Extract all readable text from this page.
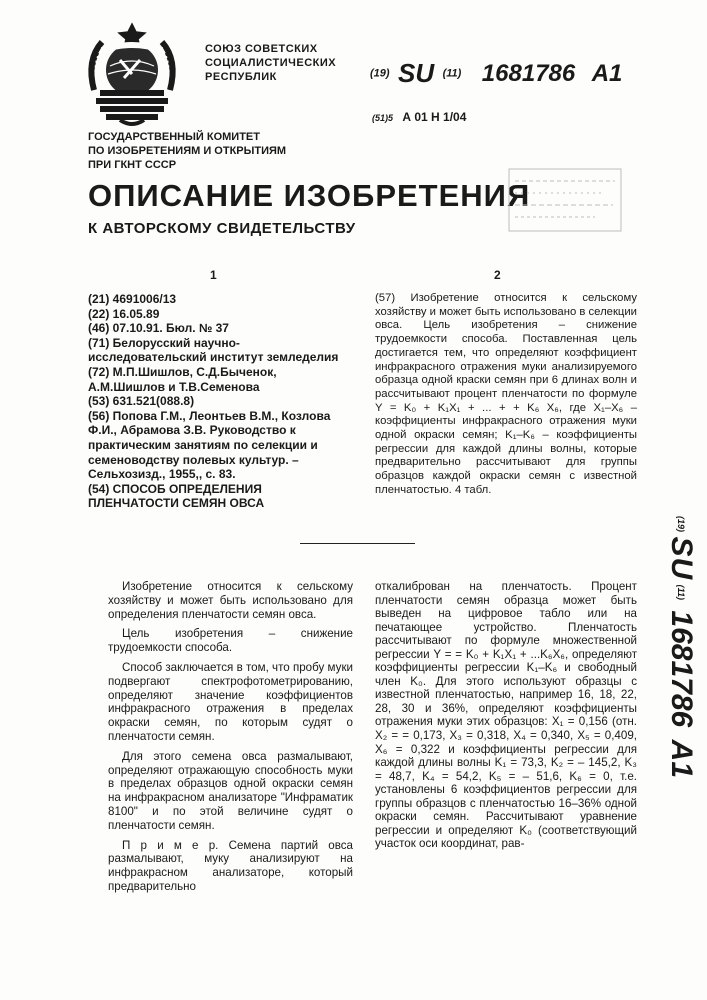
СОЮЗ СОВЕТСКИХ
СОЦИАЛИСТИЧЕСКИХ
РЕСПУБЛИК	(19) SU (11) 1681786 A1
(51)5 А 01 Н 1/04
ГОСУДАРСТВЕННЫЙ КОМИТЕТ
ПО ИЗОБРЕТЕНИЯМ И ОТКРЫТИЯМ
ПРИ ГКНТ СССР
ОПИСАНИЕ ИЗОБРЕТЕНИЯ
К АВТОРСКОМУ СВИДЕТЕЛЬСТВУ
1	2
(21) 4691006/13
(22) 16.05.89
(46) 07.10.91. Бюл. № 37
(71) Белорусский научно-исследовательский институт земледелия
(72) М.П.Шишлов, С.Д.Быченок, А.М.Шишлов и Т.В.Семенова
(53) 631.521(088.8)
(56) Попова Г.М., Леонтьев В.М., Козлова Ф.И., Абрамова З.В. Руководство к практическим занятиям по селекции и семеноводству полевых культур. – Сельхозизд., 1955,, с. 83.
(54) СПОСОБ ОПРЕДЕЛЕНИЯ ПЛЕНЧАТОСТИ СЕМЯН ОВСА
(57) Изобретение относится к сельскому хозяйству и может быть использовано в селекции овса. Цель изобретения – снижение трудоемкости способа. Поставленная цель достигается тем, что определяют коэффициент инфракрасного отражения муки анализируемого образца одной краски семян при 6 длинах волн и рассчитывают процент пленчатости по формуле Y = K₀ + K₁X₁ + ... + + K₆ X₆, где X₁–X₆ – коэффициенты инфракрасного отражения муки одной окраски семян; K₁–K₆ – коэффициенты регрессии для каждой длины волны, которые предварительно рассчитывают для группы образцов каждой окраски семян с известной пленчатостью. 4 табл.

Изобретение относится к сельскому хозяйству и может быть использовано для определения пленчатости семян овса.

Цель изобретения – снижение трудоемкости способа.

Способ заключается в том, что пробу муки подвергают спектрофотометрированию, определяют значение коэффициентов инфракрасного отражения в пределах окраски семян, по которым судят о пленчатости семян.

Для этого семена овса размалывают, определяют отражающую способность муки в пределах образцов одной окраски семян на инфракрасном анализаторе "Инфраматик 8100" и по этой величине судят о пленчатости семян.

П р и м е р. Семена партий овса размалывают, муку анализируют на инфракрасном анализаторе, который предварительно

откалиброван на пленчатость. Процент пленчатости семян образца может быть выведен на цифровое табло или на печатающее устройство. Пленчатость рассчитывают по формуле множественной регрессии Y = = K₀ + K₁X₁ + ...K₆X₆, определяют коэффициенты регрессии K₁–K₆ и свободный член K₀. Для этого используют образцы с известной пленчатостью, например 16, 18, 22, 28, 30 и 36%, определяют коэффициенты отражения муки этих образцов: X₁ = 0,156 (отн. X₂ = = 0,173, X₃ = 0,318, X₄ = 0,340, X₅ = 0,409, X₆ = 0,322 и коэффициенты регрессии для каждой длины волны K₁ = 73,3, K₂ = – 145,2, K₃ = 48,7, K₄ = 54,2, K₅ = – 51,6, K₆ = 0, т.е. установлены 6 коэффициентов регрессии для группы образцов с пленчатостью 16–36% одной окраски семян. Рассчитывают уравнение регрессии и определяют K₀ (соответствующий участок оси координат, рав-

(19) SU (11) 1681786 A1
